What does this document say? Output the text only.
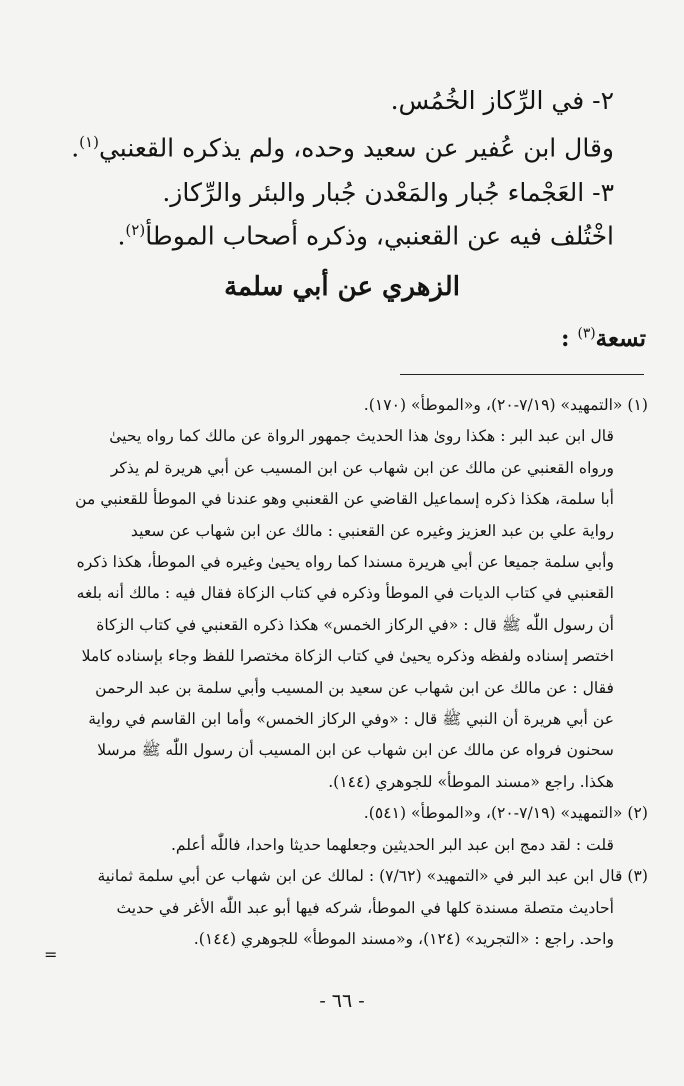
٢- في الرِّكاز الخُمُس.
وقال ابن عُفير عن سعيد وحده، ولم يذكره القعنبي$^{(١)}$.
٣- العَجْماء جُبار والمَعْدن جُبار والبئر والرِّكاز.
اخْتُلف فيه عن القعنبي، وذكره أصحاب الموطأ$^{(٢)}$.
الزهري عن أبي سلمة
تسعة$^{(٣)}$ :

(١) «التمهيد» (٧/١٩-٢٠)، و«الموطأ» (١٧٠).

قال ابن عبد البر : هكذا روىٰ هذا الحديث جمهور الرواة عن مالك كما رواه يحيىٰ

ورواه القعنبي عن مالك عن ابن شهاب عن ابن المسيب عن أبي هريرة لم يذكر

أبا سلمة، هكذا ذكره إسماعيل القاضي عن القعنبي وهو عندنا في الموطأ للقعنبي من

رواية علي بن عبد العزيز وغيره عن القعنبي : مالك عن ابن شهاب عن سعيد

وأبي سلمة جميعا عن أبي هريرة مسندا كما رواه يحيىٰ وغيره في الموطأ، هكذا ذكره

القعنبي في كتاب الديات في الموطأ وذكره في كتاب الزكاة فقال فيه : مالك أنه بلغه

أن رسول اللّٰه ﷺ قال : «في الركاز الخمس» هكذا ذكره القعنبي في كتاب الزكاة

اختصر إسناده ولفظه وذكره يحيىٰ في كتاب الزكاة مختصرا للفظ وجاء بإسناده كاملا

فقال : عن مالك عن ابن شهاب عن سعيد بن المسيب وأبي سلمة بن عبد الرحمن

عن أبي هريرة أن النبي ﷺ قال : «وفي الركاز الخمس» وأما ابن القاسم في رواية

سحنون فرواه عن مالك عن ابن شهاب عن ابن المسيب أن رسول اللّٰه ﷺ مرسلا

هكذا. راجع «مسند الموطأ» للجوهري (١٤٤).

(٢) «التمهيد» (٧/١٩-٢٠)، و«الموطأ» (٥٤١).

قلت : لقد دمج ابن عبد البر الحديثين وجعلهما حديثا واحدا، فاللّٰه أعلم.

(٣) قال ابن عبد البر في «التمهيد» (٧/٦٢) : لمالك عن ابن شهاب عن أبي سلمة ثمانية

أحاديث متصلة مسندة كلها في الموطأ، شركه فيها أبو عبد اللّٰه الأغر في حديث

واحد. راجع : «التجريد» (١٢٤)، و«مسند الموطأ» للجوهري (١٤٤).

=
- ٦٦ -
